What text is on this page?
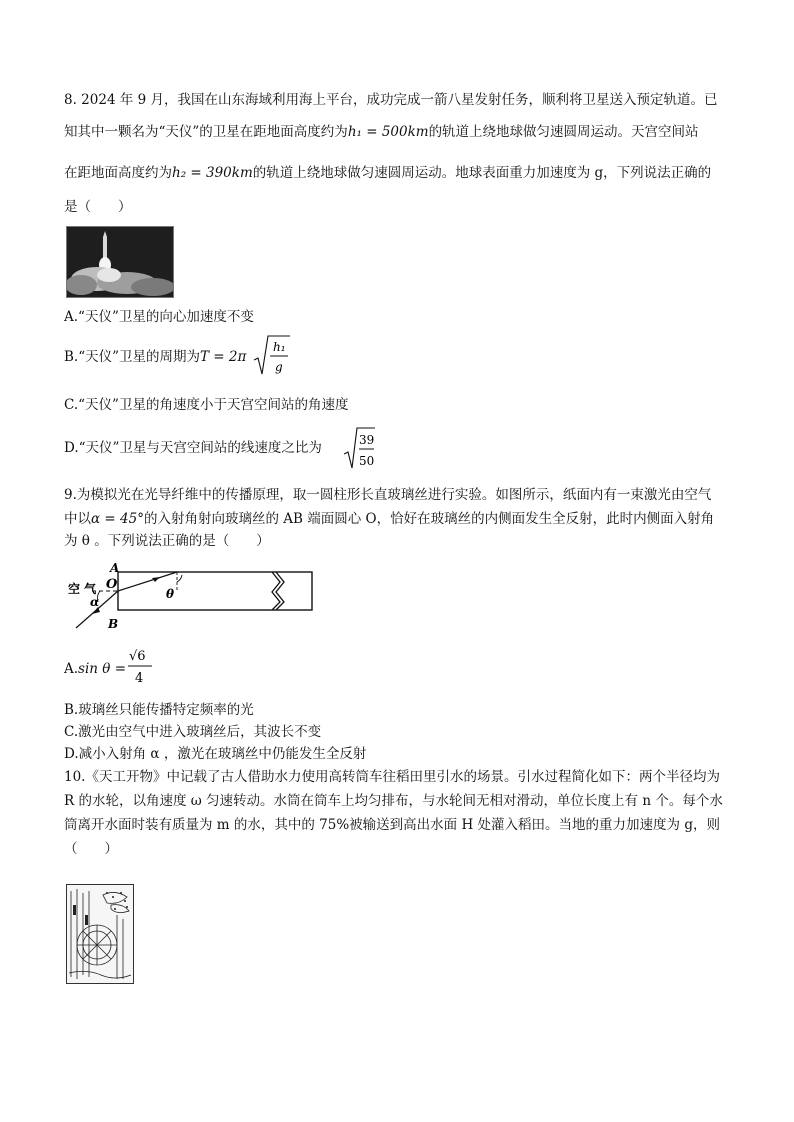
8. 2024 年 9 月，我国在山东海域利用海上平台，成功完成一箭八星发射任务，顺利将卫星送入预定轨道。已
知其中一颗名为“天仪”的卫星在距地面高度约为h₁ = 500km的轨道上绕地球做匀速圆周运动。天宫空间站
在距地面高度约为h₂ = 390km的轨道上绕地球做匀速圆周运动。地球表面重力加速度为 g，下列说法正确的
是（　　）
A.“天仪”卫星的向心加速度不变
B.“天仪”卫星的周期为T = 2π
h₁
g
C.“天仪”卫星的角速度小于天宫空间站的角速度
D.“天仪”卫星与天宫空间站的线速度之比为	39
50
9.为模拟光在光导纤维中的传播原理，取一圆柱形长直玻璃丝进行实验。如图所示，纸面内有一束激光由空气
中以α = 45°的入射角射向玻璃丝的 AB 端面圆心 O，恰好在玻璃丝的内侧面发生全反射，此时内侧面入射角
为 θ 。下列说法正确的是（　　）
空 气
A
O
B
α
θ
A.sin θ =
√6
4
B.玻璃丝只能传播特定频率的光
C.激光由空气中进入玻璃丝后，其波长不变
D.减小入射角 α ，激光在玻璃丝中仍能发生全反射
10.《天工开物》中记载了古人借助水力使用高转筒车往稻田里引水的场景。引水过程简化如下：两个半径均为
R 的水轮，以角速度 ω 匀速转动。水筒在筒车上均匀排布，与水轮间无相对滑动，单位长度上有 n 个。每个水
筒离开水面时装有质量为 m 的水，其中的 75%被输送到高出水面 H 处灌入稻田。当地的重力加速度为 g，则
（　　）
